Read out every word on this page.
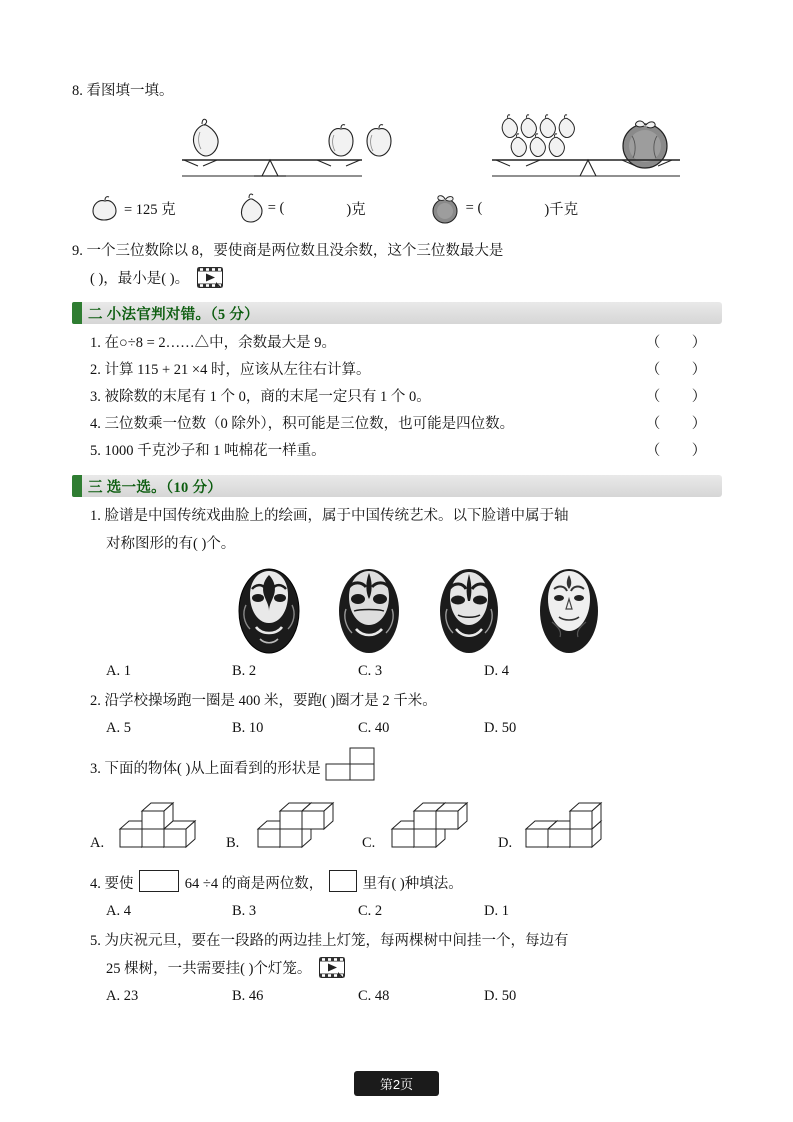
8. 看图填一填。
= 125 克	= (	)克	= (	)千克
9. 一个三位数除以 8，要使商是两位数且没余数，这个三位数最大是
( )，最小是( )。
二 小法官判对错。（5 分）
1. 在○÷8 = 2……△中，余数最大是 9。	（ ）
2. 计算 115 + 21 ×4 时，应该从左往右计算。	（ ）
3. 被除数的末尾有 1 个 0，商的末尾一定只有 1 个 0。	（ ）
4. 三位数乘一位数（0 除外），积可能是三位数，也可能是四位数。	（ ）
5. 1000 千克沙子和 1 吨棉花一样重。	（ ）
三 选一选。（10 分）
1. 脸谱是中国传统戏曲脸上的绘画，属于中国传统艺术。以下脸谱中属于轴
对称图形的有( )个。
A. 1	B. 2	C. 3	D. 4
2. 沿学校操场跑一圈是 400 米，要跑( )圈才是 2 千米。
A. 5	B. 10	C. 40	D. 50
3. 下面的物体( )从上面看到的形状是
A.	B.	C.	D.
4. 要使	64 ÷4 的商是两位数，	里有( )种填法。
A. 4	B. 3	C. 2	D. 1
5. 为庆祝元旦，要在一段路的两边挂上灯笼，每两棵树中间挂一个，每边有
25 棵树，一共需要挂( )个灯笼。
A. 23	B. 46	C. 48	D. 50
第2页
